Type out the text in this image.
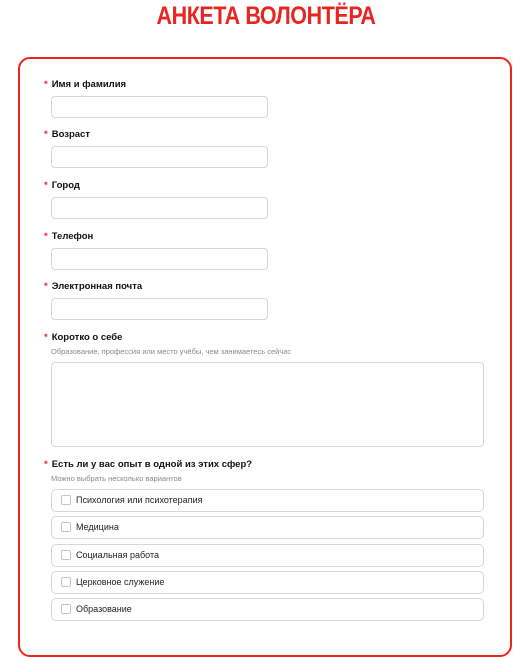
АНКЕТА ВОЛОНТЁРА
* Имя и фамилия
* Возраст
* Город
* Телефон
* Электронная почта
* Коротко о себе
Образование, профессия или место учёбы, чем занимаетесь сейчас
* Есть ли у вас опыт в одной из этих сфер?
Можно выбрать несколько вариантов
Психология или психотерапия
Медицина
Социальная работа
Церковное служение
Образование
